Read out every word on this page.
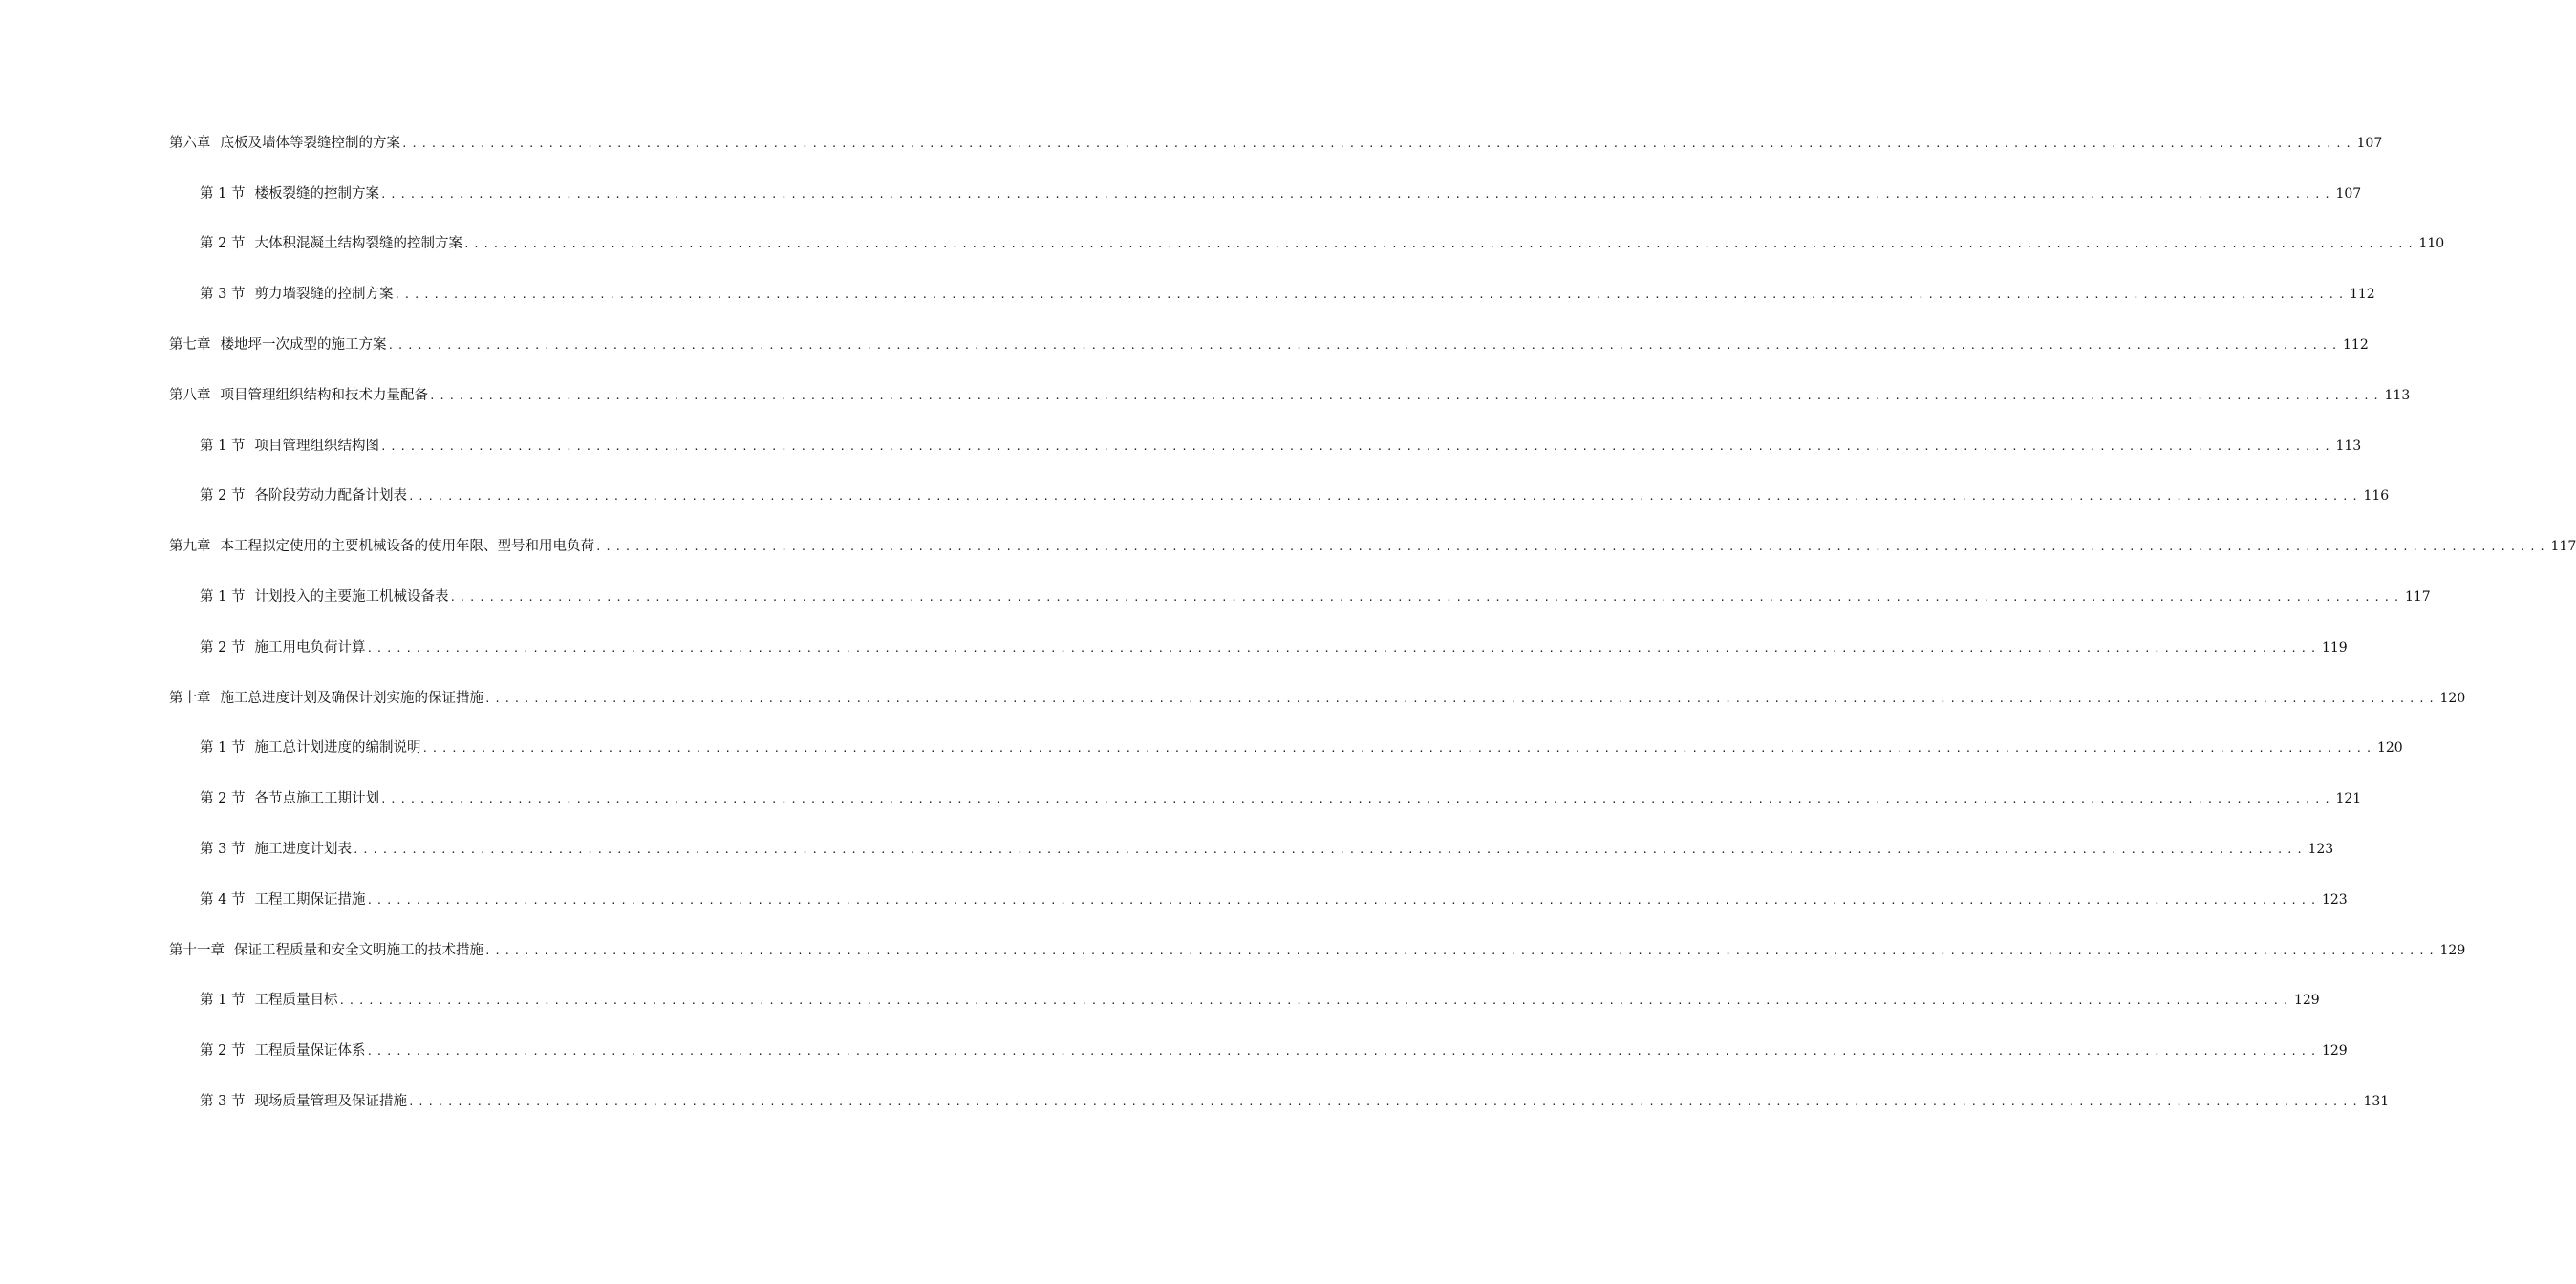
第六章 底板及墙体等裂缝控制的方案 ........................................................................................................................................................................................................ 107
第 1 节 楼板裂缝的控制方案 ........................................................................................................................................................................................................ 107
第 2 节 大体积混凝土结构裂缝的控制方案 ........................................................................................................................................................................................................ 110
第 3 节 剪力墙裂缝的控制方案 ........................................................................................................................................................................................................ 112
第七章 楼地坪一次成型的施工方案 ........................................................................................................................................................................................................ 112
第八章 项目管理组织结构和技术力量配备 ........................................................................................................................................................................................................ 113
第 1 节 项目管理组织结构图 ........................................................................................................................................................................................................ 113
第 2 节 各阶段劳动力配备计划表 ........................................................................................................................................................................................................ 116
第九章 本工程拟定使用的主要机械设备的使用年限、型号和用电负荷 ........................................................................................................................................................................................................ 117
第 1 节 计划投入的主要施工机械设备表 ........................................................................................................................................................................................................ 117
第 2 节 施工用电负荷计算 ........................................................................................................................................................................................................ 119
第十章 施工总进度计划及确保计划实施的保证措施 ........................................................................................................................................................................................................ 120
第 1 节 施工总计划进度的编制说明 ........................................................................................................................................................................................................ 120
第 2 节 各节点施工工期计划 ........................................................................................................................................................................................................ 121
第 3 节 施工进度计划表 ........................................................................................................................................................................................................ 123
第 4 节 工程工期保证措施 ........................................................................................................................................................................................................ 123
第十一章 保证工程质量和安全文明施工的技术措施 ........................................................................................................................................................................................................ 129
第 1 节 工程质量目标 ........................................................................................................................................................................................................ 129
第 2 节 工程质量保证体系 ........................................................................................................................................................................................................ 129
第 3 节 现场质量管理及保证措施 ........................................................................................................................................................................................................ 131
